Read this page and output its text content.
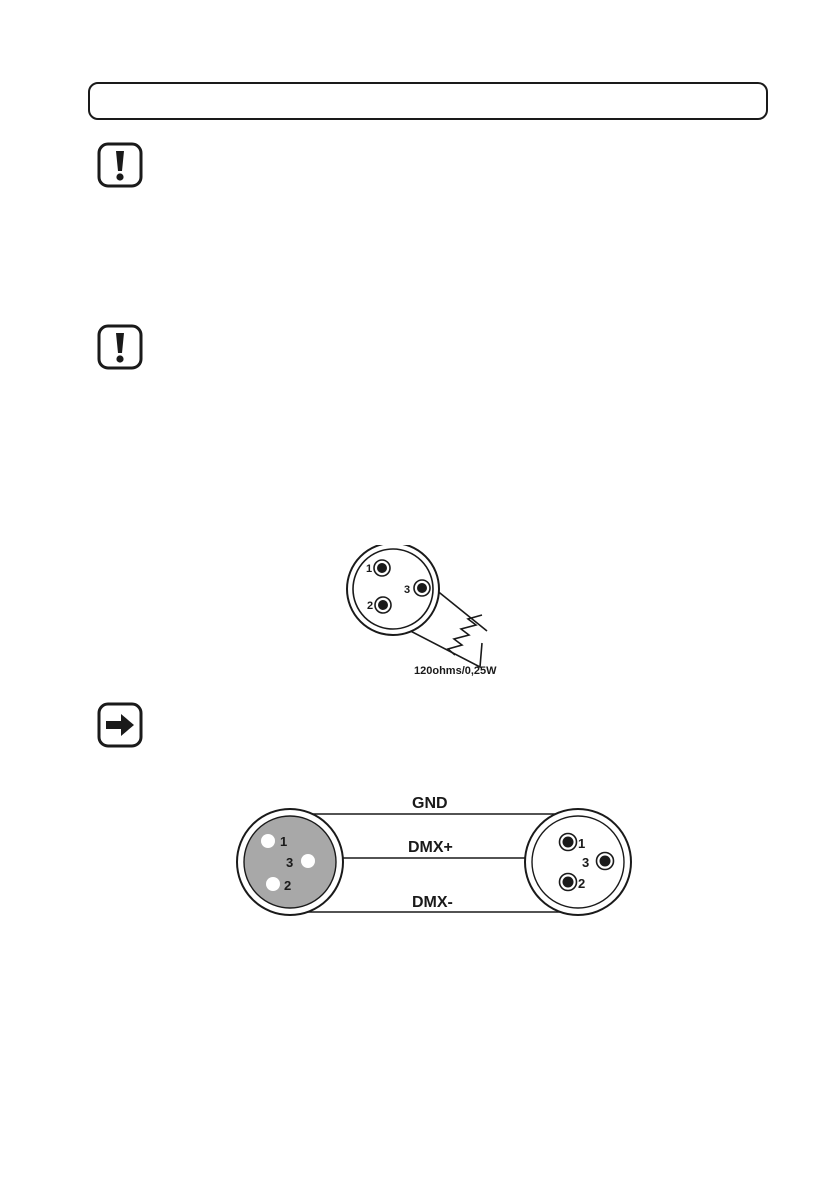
1
2
3
120ohms/0,25W
1
2
3
1
2
3
GND
DMX+
DMX-
